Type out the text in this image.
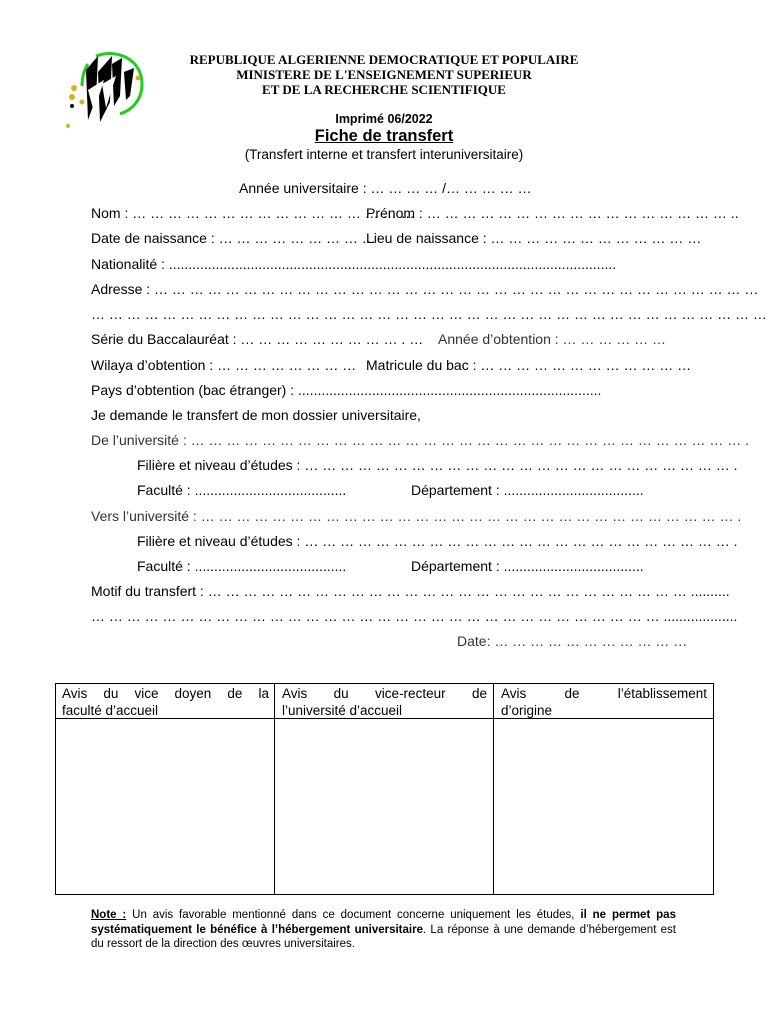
REPUBLIQUE ALGERIENNE DEMOCRATIQUE ET POPULAIRE
MINISTERE DE L'ENSEIGNEMENT SUPERIEUR
ET DE LA RECHERCHE SCIENTIFIQUE
Imprimé 06/2022
Fiche de transfert
(Transfert interne et transfert interuniversitaire)
Année universitaire : … … … … /… … … … …
Nom : … … … … … … … … … … … … … … … …
Prénom : … … … … … … … … … … … … … … … … … ..
Date de naissance : … … … … … … … … …
Lieu de naissance : … … … … … … … … … … … …
Nationalité : ...................................................................................................................
Adresse : … … … … … … … … … … … … … … … … … … … … … … … … … … … … … … … … … …
… … … … … … … … … … … … … … … … … … … … … … … … … … … … … … … … … … … … … …
Série du Baccalauréat : … … … … … … … … … . … Année d’obtention : … … … … … …
Wilaya d’obtention : … … … … … … … … Matricule du bac : … … … … … … … … … … … …
Pays d’obtention (bac étranger) : ..............................................................................
Je demande le transfert de mon dossier universitaire,
De l’université : … … … … … … … … … … … … … … … … … … … … … … … … … … … … … … … .
Filière et niveau d’études : … … … … … … … … … … … … … … … … … … … … … … … … .
Faculté : .......................................	Département : ....................................
Vers l’université : … … … … … … … … … … … … … … … … … … … … … … … … … … … … … … .
Filière et niveau d’études : … … … … … … … … … … … … … … … … … … … … … … … … .
Faculté : .......................................	Département : ....................................
Motif du transfert : … … … … … … … … … … … … … … … … … … … … … … … … … … … ..........
… … … … … … … … … … … … … … … … … … … … … … … … … … … … … … … … ...................
Date: … … … … … … … … … … …
Avis du vice doyen de la
faculté d’accueil
Avis du vice-recteur de
l’université d’accueil
Avis de l’établissement
d’origine
Note : Un avis favorable mentionné dans ce document concerne uniquement les études, il ne permet pas systématiquement le bénéfice à l’hébergement universitaire. La réponse à une demande d’hébergement est du ressort de la direction des œuvres universitaires.
